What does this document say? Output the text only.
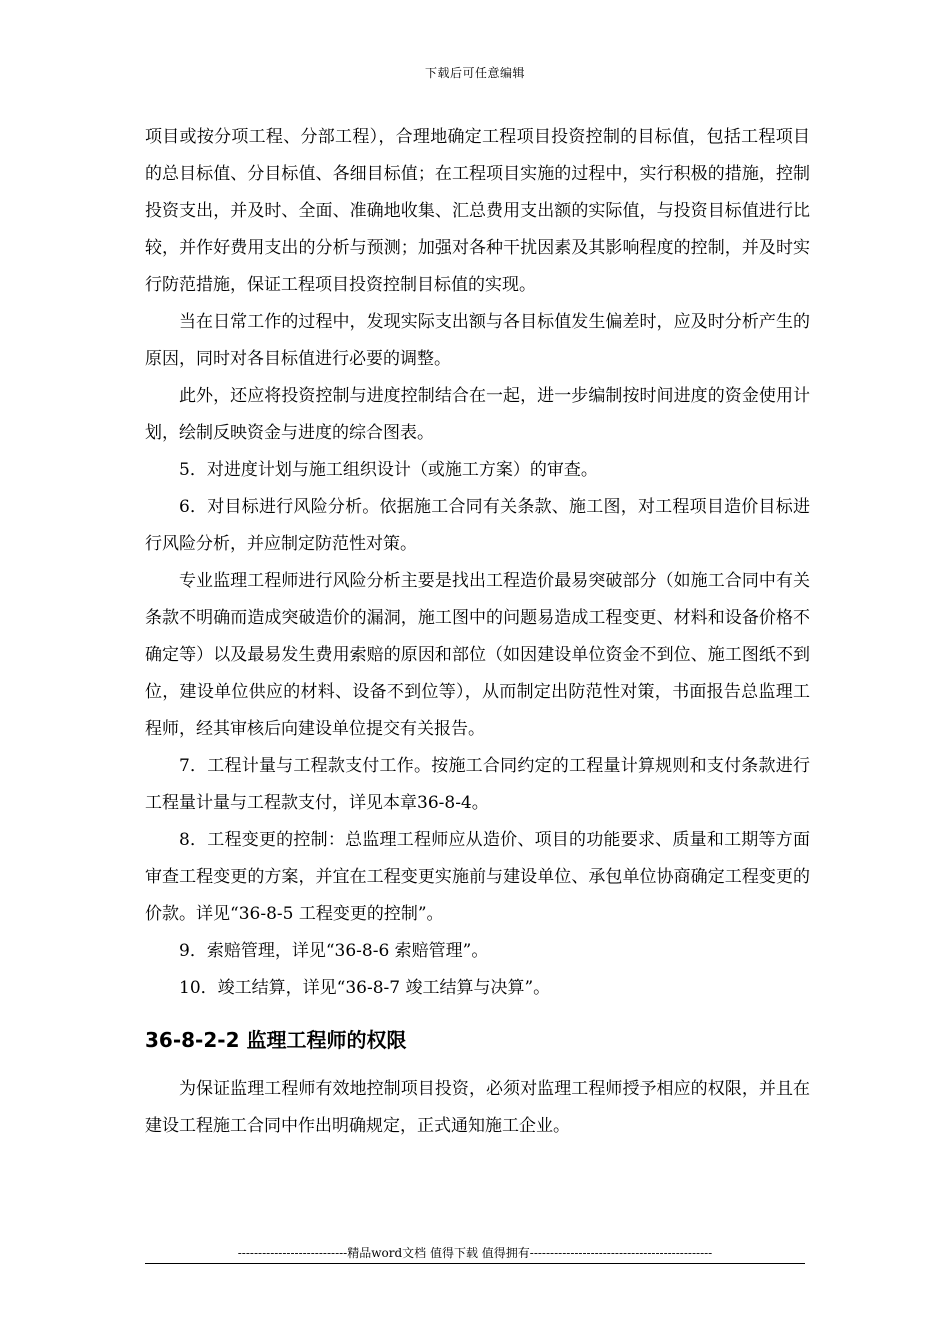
下载后可任意编辑

项目或按分项工程、分部工程），合理地确定工程项目投资控制的目标值，包括工程项目的总目标值、分目标值、各细目标值；在工程项目实施的过程中，实行积极的措施，控制投资支出，并及时、全面、准确地收集、汇总费用支出额的实际值，与投资目标值进行比较，并作好费用支出的分析与预测；加强对各种干扰因素及其影响程度的控制，并及时实行防范措施，保证工程项目投资控制目标值的实现。

当在日常工作的过程中，发现实际支出额与各目标值发生偏差时，应及时分析产生的原因，同时对各目标值进行必要的调整。

此外，还应将投资控制与进度控制结合在一起，进一步编制按时间进度的资金使用计划，绘制反映资金与进度的综合图表。

5．对进度计划与施工组织设计（或施工方案）的审查。

6．对目标进行风险分析。依据施工合同有关条款、施工图，对工程项目造价目标进行风险分析，并应制定防范性对策。

专业监理工程师进行风险分析主要是找出工程造价最易突破部分（如施工合同中有关条款不明确而造成突破造价的漏洞，施工图中的问题易造成工程变更、材料和设备价格不确定等）以及最易发生费用索赔的原因和部位（如因建设单位资金不到位、施工图纸不到位，建设单位供应的材料、设备不到位等），从而制定出防范性对策，书面报告总监理工程师，经其审核后向建设单位提交有关报告。

7．工程计量与工程款支付工作。按施工合同约定的工程量计算规则和支付条款进行工程量计量与工程款支付，详见本章36-8-4。

8．工程变更的控制：总监理工程师应从造价、项目的功能要求、质量和工期等方面审查工程变更的方案，并宜在工程变更实施前与建设单位、承包单位协商确定工程变更的价款。详见“36-8-5 工程变更的控制”。

9．索赔管理，详见“36-8-6 索赔管理”。

10．竣工结算，详见“36-8-7 竣工结算与决算”。

36-8-2-2 监理工程师的权限

为保证监理工程师有效地控制项目投资，必须对监理工程师授予相应的权限，并且在建设工程施工合同中作出明确规定，正式通知施工企业。

---------------------------精品word文档 值得下载 值得拥有---------------------------------------------
